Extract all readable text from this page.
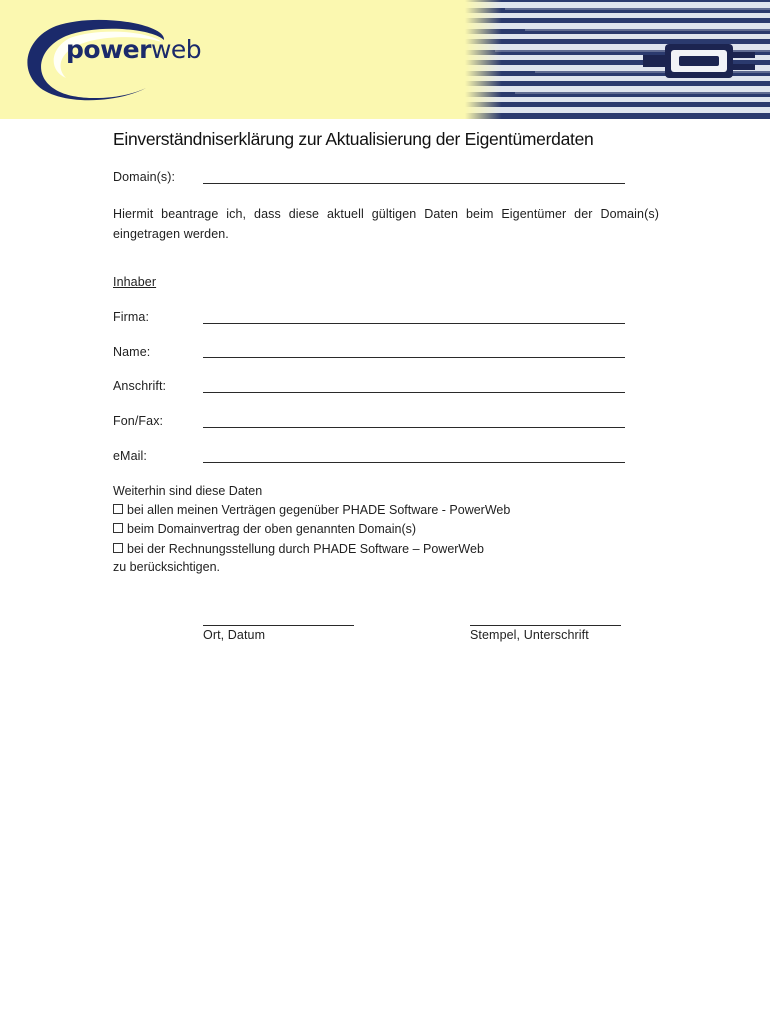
powerweb
Einverständniserklärung zur Aktualisierung der Eigentümerdaten
Domain(s):
Hiermit beantrage ich, dass diese aktuell gültigen Daten beim Eigentümer der Domain(s) eingetragen werden.
Inhaber
Firma:
Name:
Anschrift:
Fon/Fax:
eMail:
Weiterhin sind diese Daten
bei allen meinen Verträgen gegenüber PHADE Software - PowerWeb
beim Domainvertrag der oben genannten Domain(s)
bei der Rechnungsstellung durch PHADE Software – PowerWeb
zu berücksichtigen.
Ort, Datum	Stempel, Unterschrift
